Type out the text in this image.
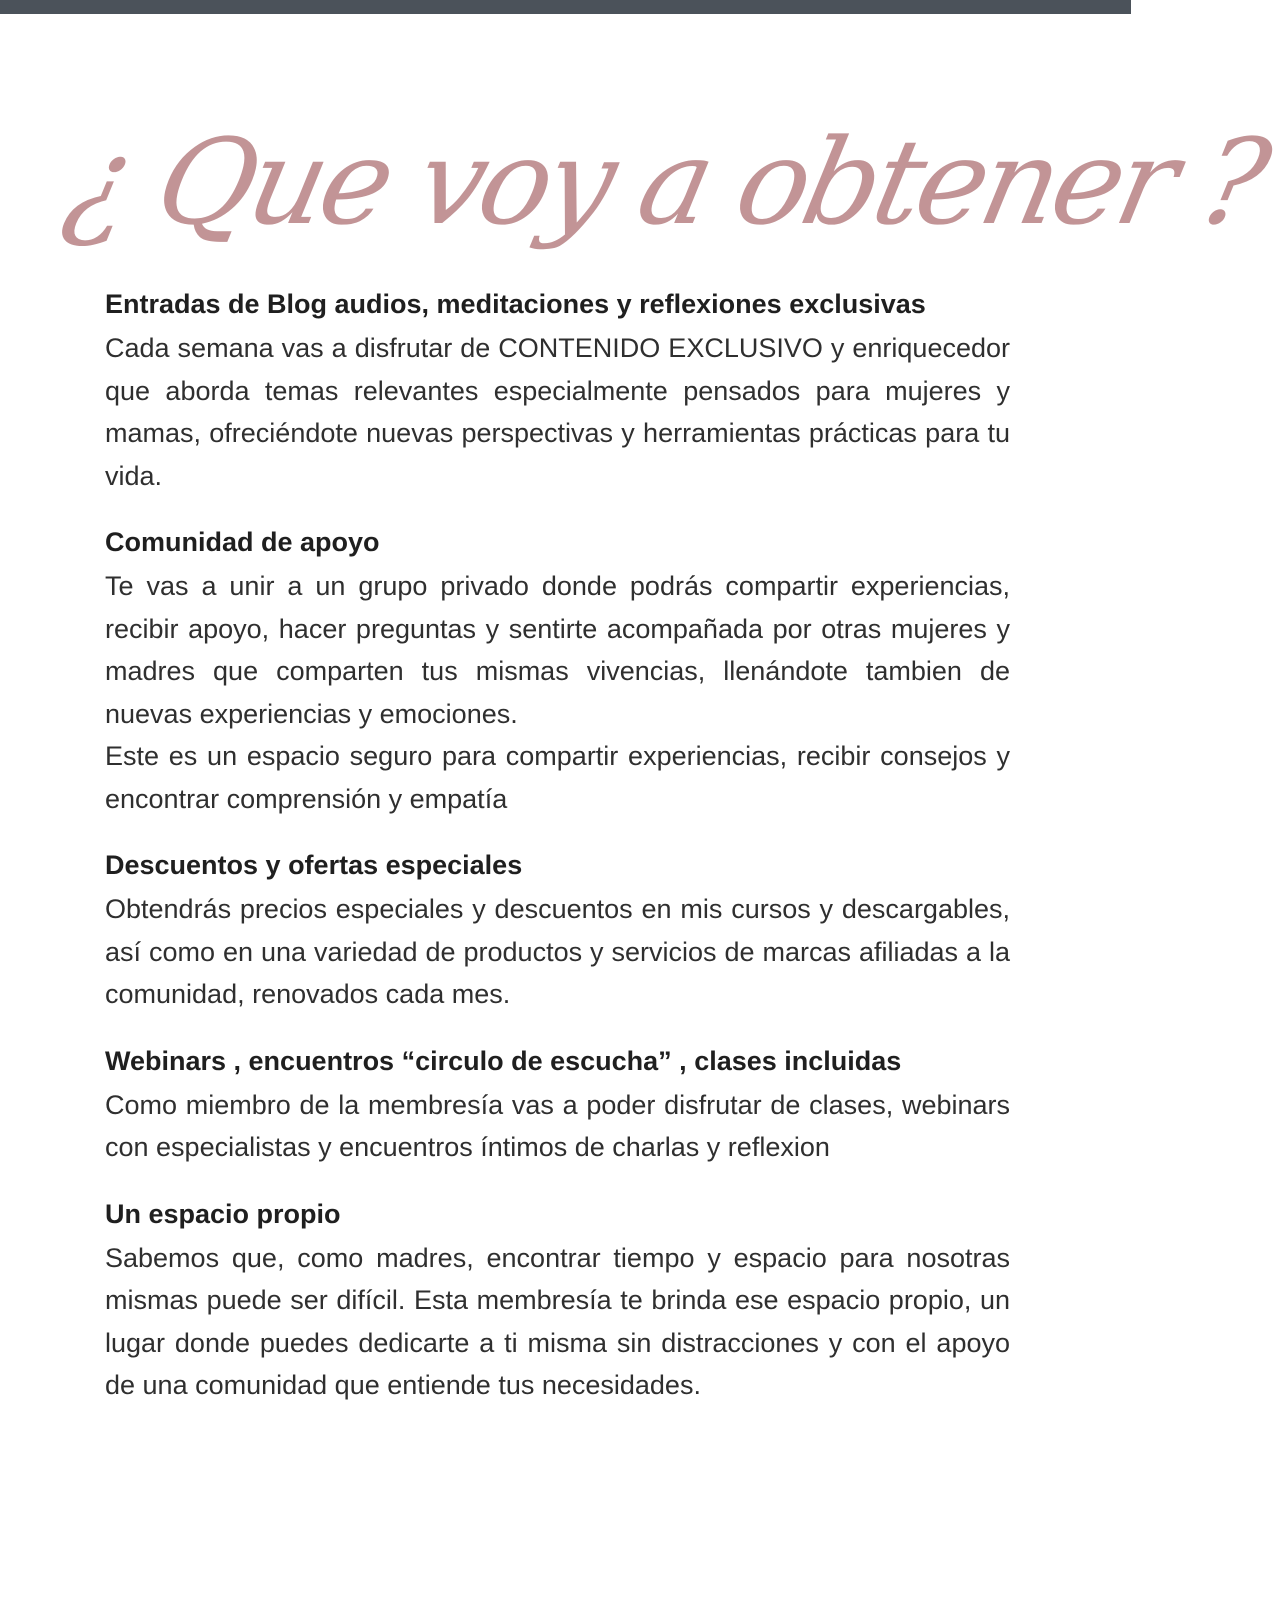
¿ Que voy a obtener ?
Entradas de Blog audios, meditaciones y reflexiones exclusivas

Cada semana vas a disfrutar de CONTENIDO EXCLUSIVO y enriquecedor que aborda temas relevantes especialmente pensados para mujeres y mamas, ofreciéndote nuevas perspectivas y herramientas prácticas para tu vida.

Comunidad de apoyo

Te vas a unir a un grupo privado donde podrás compartir experiencias, recibir apoyo, hacer preguntas y sentirte acompañada por otras mujeres y madres que comparten tus mismas vivencias, llenándote tambien de nuevas experiencias y emociones.

Este es un espacio seguro para compartir experiencias, recibir consejos y encontrar comprensión y empatía

Descuentos y ofertas especiales

Obtendrás precios especiales y descuentos en mis cursos y descargables, así como en una variedad de productos y servicios de marcas afiliadas a la comunidad, renovados cada mes.

Webinars , encuentros “circulo de escucha” , clases incluidas

Como miembro de la membresía vas a poder disfrutar de clases, webinars con especialistas y encuentros íntimos de charlas y reflexion

Un espacio propio

Sabemos que, como madres, encontrar tiempo y espacio para nosotras mismas puede ser difícil. Esta membresía te brinda ese espacio propio, un lugar donde puedes dedicarte a ti misma sin distracciones y con el apoyo de una comunidad que entiende tus necesidades.
